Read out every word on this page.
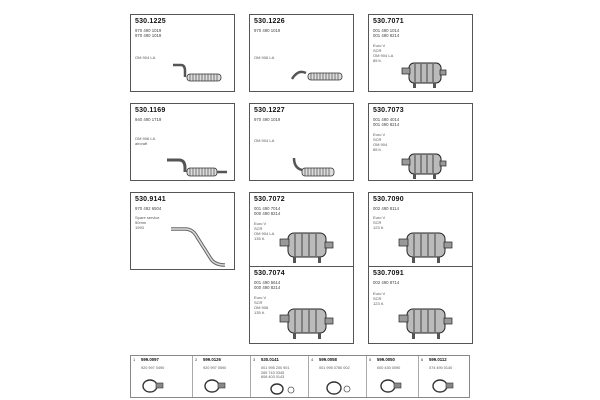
530.1225
970 490 1019
970 490 1019
OM 904 LA
530.1226
970 490 1019
OM 906 LA
530.7071
001 490 1014
001 490 8214
Euro V
SCR
OM 904 LA
85 lt.
530.1169
940 490 1719
OM 906 LA
aircraft
530.1227
970 490 1019
OM 904 LA
530.7073
001 490 4014
001 490 8214
Euro V
SCR
OM 904
85 lt.
530.9141
970 492 6504
Spare service
50mm
1993
530.7072
001 490 7014
000 490 8214
Euro V
SCR
OM 904 LA
135 lt.
530.7090
002 490 8114
Euro V
SCR
123 lt.
530.7074
001 490 5614
000 490 8214
Euro V
SCR
OM 906
135 lt.
530.7091
002 490 8714
Euro V
SCR
123 lt.
1 599.0097
920 997 0490
2 599.0126
920 997 0590
3 530.0141
001 995 200 901
265 743 3345
608 403 0143
4 599.0058
001 995 0780 002
5 599.0050
000 430 0090
6 599.0112
074 490 0140
